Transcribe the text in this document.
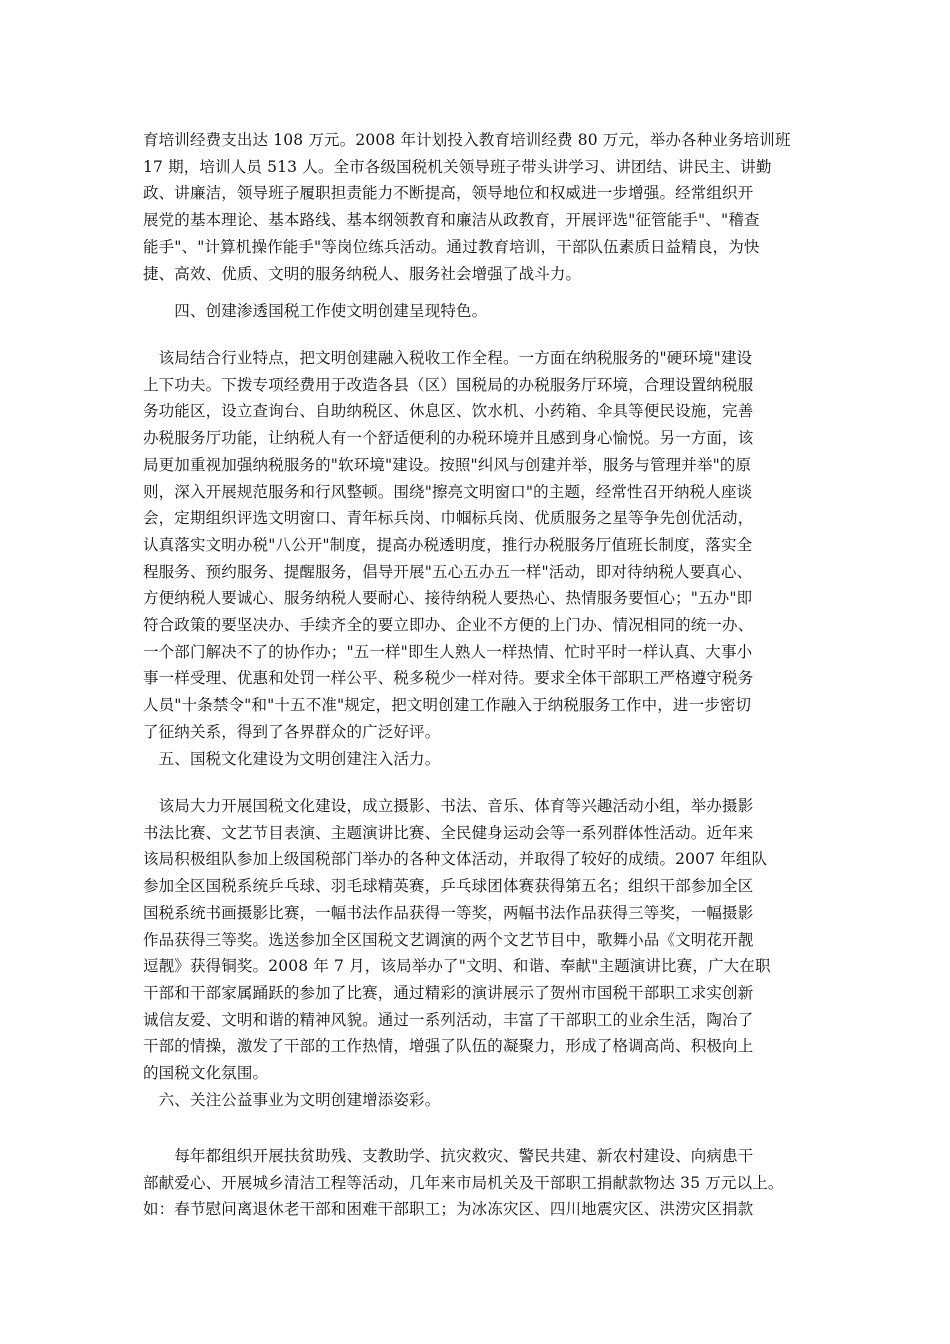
育培训经费支出达 108 万元。2008 年计划投入教育培训经费 80 万元，举办各种业务培训班
17 期，培训人员 513 人。全市各级国税机关领导班子带头讲学习、讲团结、讲民主、讲勤
政、讲廉洁，领导班子履职担责能力不断提高，领导地位和权威进一步增强。经常组织开
展党的基本理论、基本路线、基本纲领教育和廉洁从政教育，开展评选"征管能手"、"稽查
能手"、"计算机操作能手"等岗位练兵活动。通过教育培训，干部队伍素质日益精良，为快
捷、高效、优质、文明的服务纳税人、服务社会增强了战斗力。

　　四、创建渗透国税工作使文明创建呈现特色。

　该局结合行业特点，把文明创建融入税收工作全程。一方面在纳税服务的"硬环境"建设
上下功夫。下拨专项经费用于改造各县（区）国税局的办税服务厅环境，合理设置纳税服
务功能区，设立查询台、自助纳税区、休息区、饮水机、小药箱、伞具等便民设施，完善
办税服务厅功能，让纳税人有一个舒适便利的办税环境并且感到身心愉悦。另一方面，该
局更加重视加强纳税服务的"软环境"建设。按照"纠风与创建并举，服务与管理并举"的原
则，深入开展规范服务和行风整顿。围绕"擦亮文明窗口"的主题，经常性召开纳税人座谈
会，定期组织评选文明窗口、青年标兵岗、巾帼标兵岗、优质服务之星等争先创优活动，
认真落实文明办税"八公开"制度，提高办税透明度，推行办税服务厅值班长制度，落实全
程服务、预约服务、提醒服务，倡导开展"五心五办五一样"活动，即对待纳税人要真心、
方便纳税人要诚心、服务纳税人要耐心、接待纳税人要热心、热情服务要恒心；"五办"即
符合政策的要坚决办、手续齐全的要立即办、企业不方便的上门办、情况相同的统一办、
一个部门解决不了的协作办；"五一样"即生人熟人一样热情、忙时平时一样认真、大事小
事一样受理、优惠和处罚一样公平、税多税少一样对待。要求全体干部职工严格遵守税务
人员"十条禁令"和"十五不准"规定，把文明创建工作融入于纳税服务工作中，进一步密切
了征纳关系，得到了各界群众的广泛好评。

　五、国税文化建设为文明创建注入活力。

　该局大力开展国税文化建设，成立摄影、书法、音乐、体育等兴趣活动小组，举办摄影
书法比赛、文艺节目表演、主题演讲比赛、全民健身运动会等一系列群体性活动。近年来
该局积极组队参加上级国税部门举办的各种文体活动，并取得了较好的成绩。2007 年组队
参加全区国税系统乒乓球、羽毛球精英赛，乒乓球团体赛获得第五名；组织干部参加全区
国税系统书画摄影比赛，一幅书法作品获得一等奖，两幅书法作品获得三等奖，一幅摄影
作品获得三等奖。选送参加全区国税文艺调演的两个文艺节目中，歌舞小品《文明花开靓
逗靓》获得铜奖。2008 年 7 月，该局举办了"文明、和谐、奉献"主题演讲比赛，广大在职
干部和干部家属踊跃的参加了比赛，通过精彩的演讲展示了贺州市国税干部职工求实创新
诚信友爱、文明和谐的精神风貌。通过一系列活动，丰富了干部职工的业余生活，陶冶了
干部的情操，激发了干部的工作热情，增强了队伍的凝聚力，形成了格调高尚、积极向上
的国税文化氛围。

　六、关注公益事业为文明创建增添姿彩。

　　每年都组织开展扶贫助残、支教助学、抗灾救灾、警民共建、新农村建设、向病患干
部献爱心、开展城乡清洁工程等活动，几年来市局机关及干部职工捐献款物达 35 万元以上。
如：春节慰问离退休老干部和困难干部职工；为冰冻灾区、四川地震灾区、洪涝灾区捐款
